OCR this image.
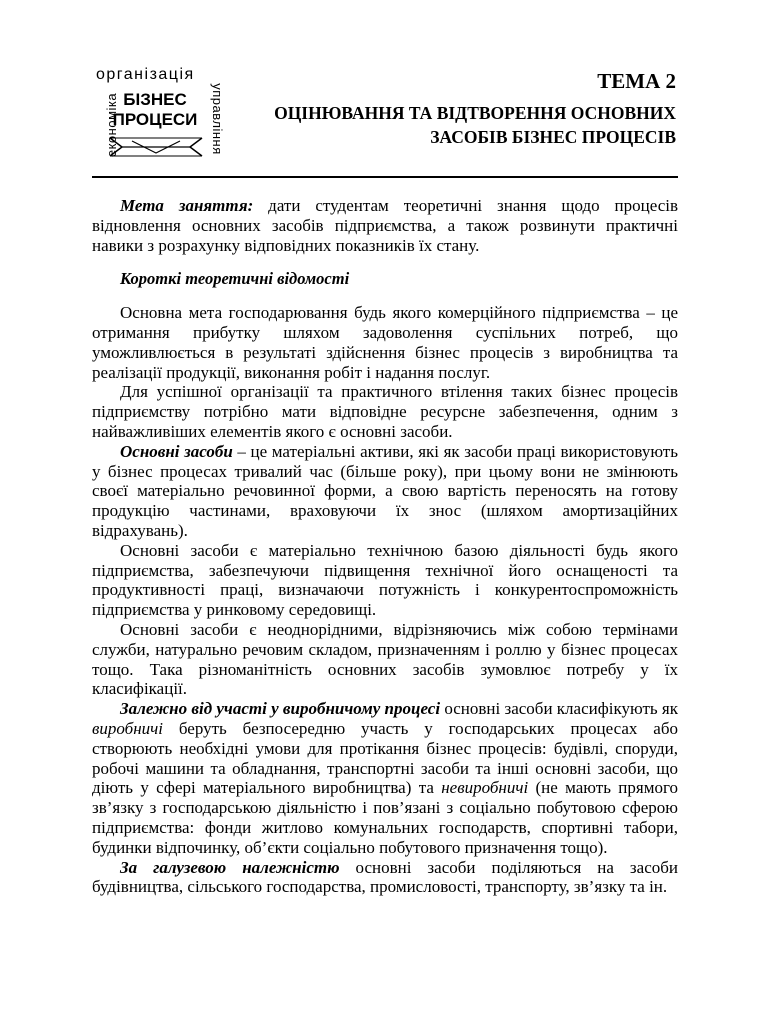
організація
економіка	управління
БІЗНЕС
ПРОЦЕСИ
ТЕМА 2
ОЦІНЮВАННЯ ТА ВІДТВОРЕННЯ ОСНОВНИХ
ЗАСОБІВ БІЗНЕС ПРОЦЕСІВ

Мета заняття: дати студентам теоретичні знання щодо процесів відновлення основних засобів підприємства, а також розвинути практичні навики з розрахунку відповідних показників їх стану.

Короткі теоретичні відомості

Основна мета господарювання будь якого комерційного підприємства – це отримання прибутку шляхом задоволення суспільних потреб, що уможливлюється в результаті здійснення бізнес процесів з виробництва та реалізації продукції, виконання робіт і надання послуг.

Для успішної організації та практичного втілення таких бізнес процесів підприємству потрібно мати відповідне ресурсне забезпечення, одним з найважливіших елементів якого є основні засоби.

Основні засоби – це матеріальні активи, які як засоби праці використовують у бізнес процесах тривалий час (більше року), при цьому вони не змінюють своєї матеріально речовинної форми, а свою вартість переносять на готову продукцію частинами, враховуючи їх знос (шляхом амортизаційних відрахувань).

Основні засоби є матеріально технічною базою діяльності будь якого підприємства, забезпечуючи підвищення технічної його оснащеності та продуктивності праці, визначаючи потужність і конкурентоспроможність підприємства у ринковому середовищі.

Основні засоби є неоднорідними, відрізняючись між собою термінами служби, натурально речовим складом, призначенням і роллю у бізнес процесах тощо. Така різноманітність основних засобів зумовлює потребу у їх класифікації.

Залежно від участі у виробничому процесі основні засоби класифікують як виробничі беруть безпосередню участь у господарських процесах або створюють необхідні умови для протікання бізнес процесів: будівлі, споруди, робочі машини та обладнання, транспортні засоби та інші основні засоби, що діють у сфері матеріального виробництва) та невиробничі (не мають прямого зв’язку з господарською діяльністю і пов’язані з соціально побутовою сферою підприємства: фонди житлово комунальних господарств, спортивні табори, будинки відпочинку, об’єкти соціально побутового призначення тощо).

За галузевою належністю основні засоби поділяються на засоби будівництва, сільського господарства, промисловості, транспорту, зв’язку та ін.
